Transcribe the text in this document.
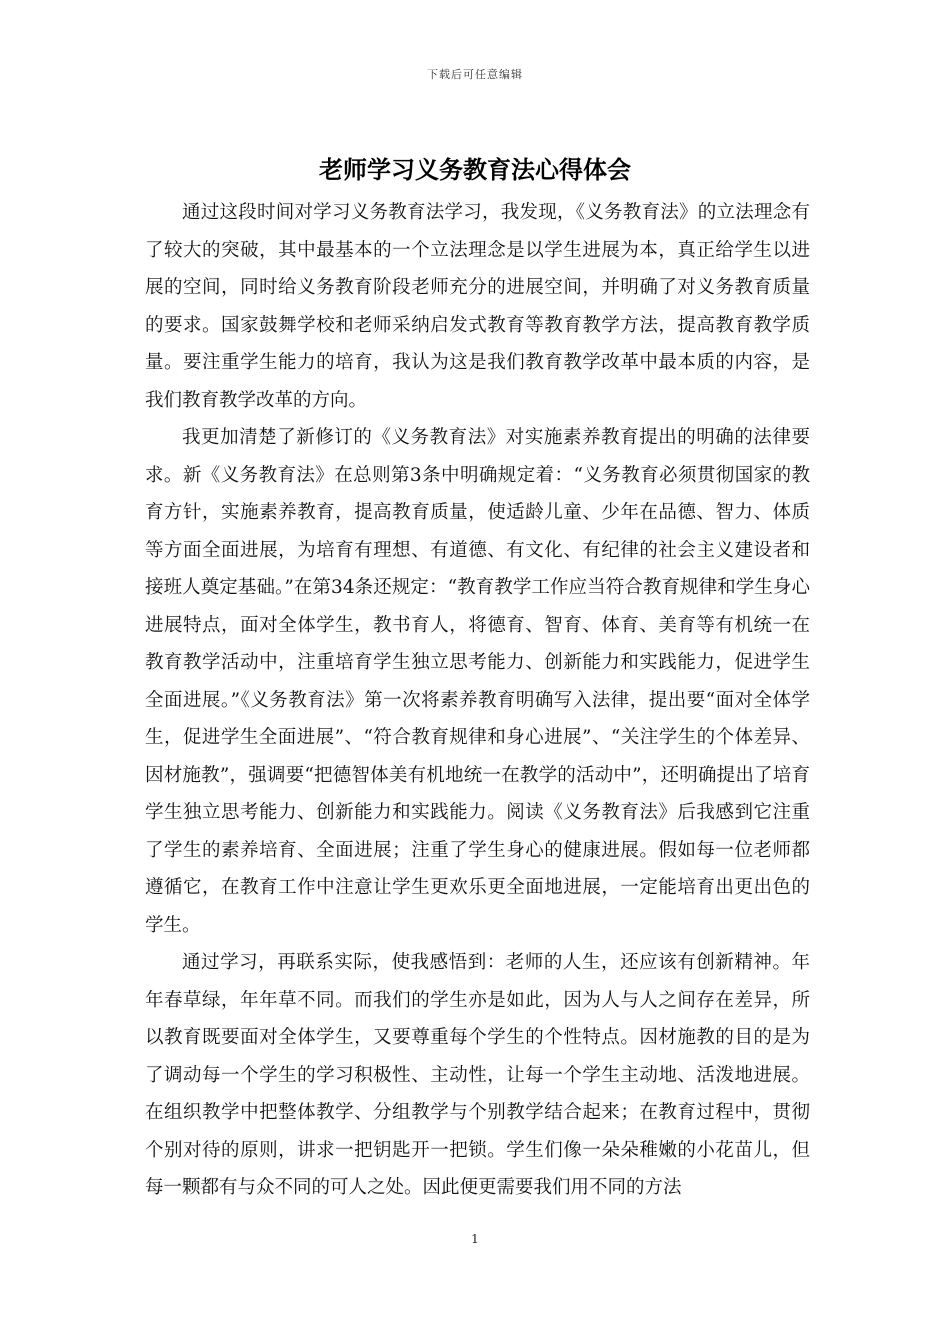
下载后可任意编辑
老师学习义务教育法心得体会

通过这段时间对学习义务教育法学习，我发现，《义务教育法》的立法理念有了较大的突破，其中最基本的一个立法理念是以学生进展为本，真正给学生以进展的空间，同时给义务教育阶段老师充分的进展空间，并明确了对义务教育质量的要求。国家鼓舞学校和老师采纳启发式教育等教育教学方法，提高教育教学质量。要注重学生能力的培育，我认为这是我们教育教学改革中最本质的内容，是我们教育教学改革的方向。

我更加清楚了新修订的《义务教育法》对实施素养教育提出的明确的法律要求。新《义务教育法》在总则第3条中明确规定着：“义务教育必须贯彻国家的教育方针，实施素养教育，提高教育质量，使适龄儿童、少年在品德、智力、体质等方面全面进展，为培育有理想、有道德、有文化、有纪律的社会主义建设者和接班人奠定基础。”在第34条还规定：“教育教学工作应当符合教育规律和学生身心进展特点，面对全体学生，教书育人，将德育、智育、体育、美育等有机统一在教育教学活动中，注重培育学生独立思考能力、创新能力和实践能力，促进学生全面进展。”《义务教育法》第一次将素养教育明确写入法律，提出要“面对全体学生，促进学生全面进展”、“符合教育规律和身心进展”、“关注学生的个体差异、因材施教”，强调要“把德智体美有机地统一在教学的活动中”，还明确提出了培育学生独立思考能力、创新能力和实践能力。阅读《义务教育法》后我感到它注重了学生的素养培育、全面进展；注重了学生身心的健康进展。假如每一位老师都遵循它，在教育工作中注意让学生更欢乐更全面地进展，一定能培育出更出色的学生。

通过学习，再联系实际，使我感悟到：老师的人生，还应该有创新精神。年年春草绿，年年草不同。而我们的学生亦是如此，因为人与人之间存在差异，所以教育既要面对全体学生，又要尊重每个学生的个性特点。因材施教的目的是为了调动每一个学生的学习积极性、主动性，让每一个学生主动地、活泼地进展。在组织教学中把整体教学、分组教学与个别教学结合起来；在教育过程中，贯彻个别对待的原则，讲求一把钥匙开一把锁。学生们像一朵朵稚嫩的小花苗儿，但每一颗都有与众不同的可人之处。因此便更需要我们用不同的方法

1
